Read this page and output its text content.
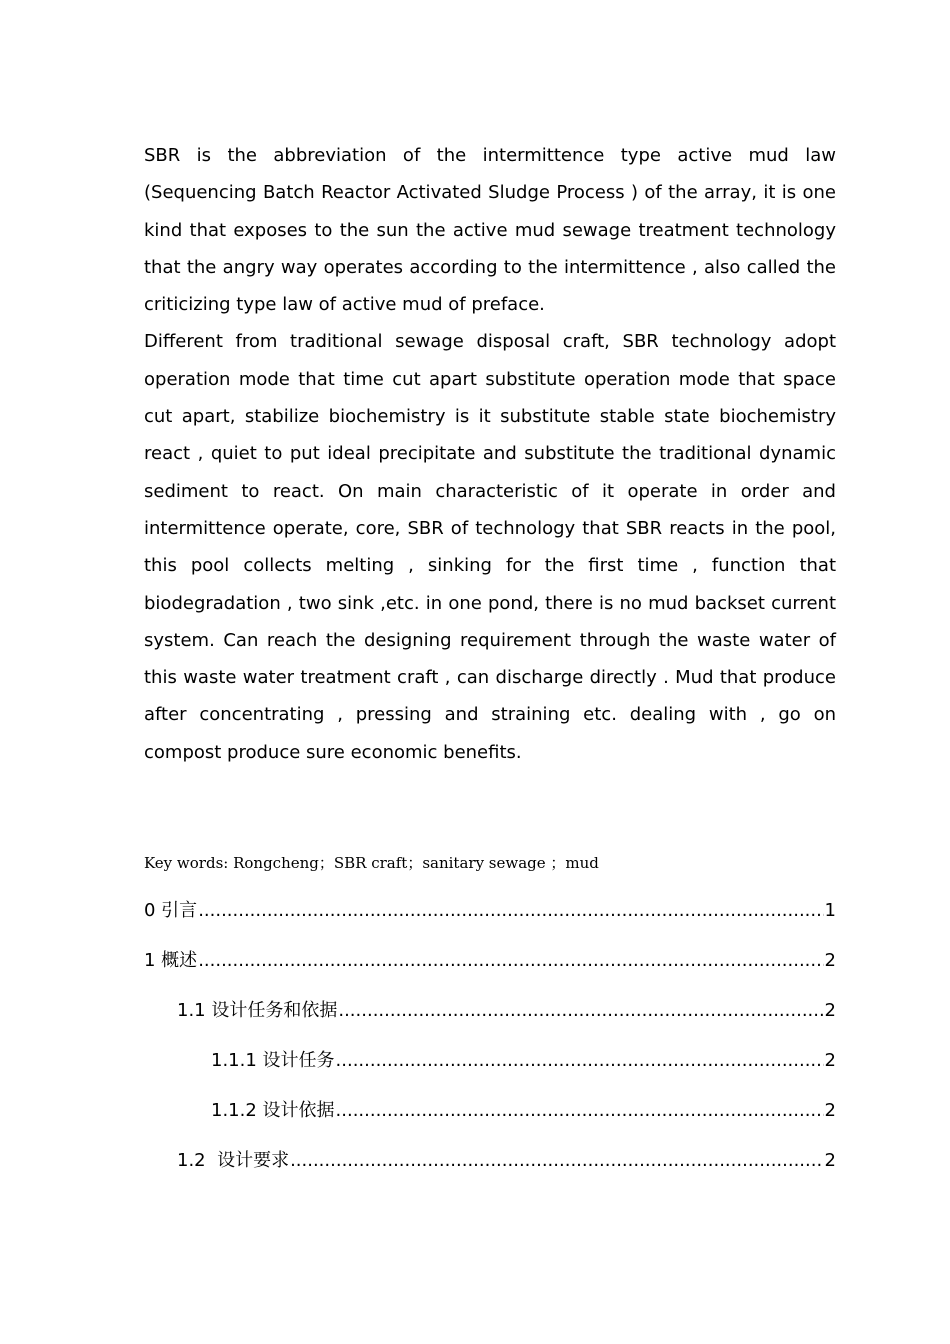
SBR is the abbreviation of the intermittence type active mud law (Sequencing Batch Reactor Activated Sludge Process ) of the array, it is one kind that exposes to the sun the active mud sewage treatment technology that the angry way operates according to the intermittence , also called the criticizing type law of active mud of preface.

Different from traditional sewage disposal craft, SBR technology adopt operation mode that time cut apart substitute operation mode that space cut apart, stabilize biochemistry is it substitute stable state biochemistry react , quiet to put ideal precipitate and substitute the traditional dynamic sediment to react. On main characteristic of it operate in order and intermittence operate, core, SBR of technology that SBR reacts in the pool, this pool collects melting , sinking for the first time , function that biodegradation , two sink ,etc. in one pond, there is no mud backset current system. Can reach the designing requirement through the waste water of this waste water treatment craft , can discharge directly . Mud that produce after concentrating , pressing and straining etc. dealing with , go on compost produce sure economic benefits.

Key words: Rongcheng；SBR craft；sanitary sewage ；mud
0 引言 .....	1
1 概述 .....	2
1.1 设计任务和依据 .....	2
1.1.1 设计任务 .....	2
1.1.2 设计依据 .....	2
1.2  设计要求 .....	2
